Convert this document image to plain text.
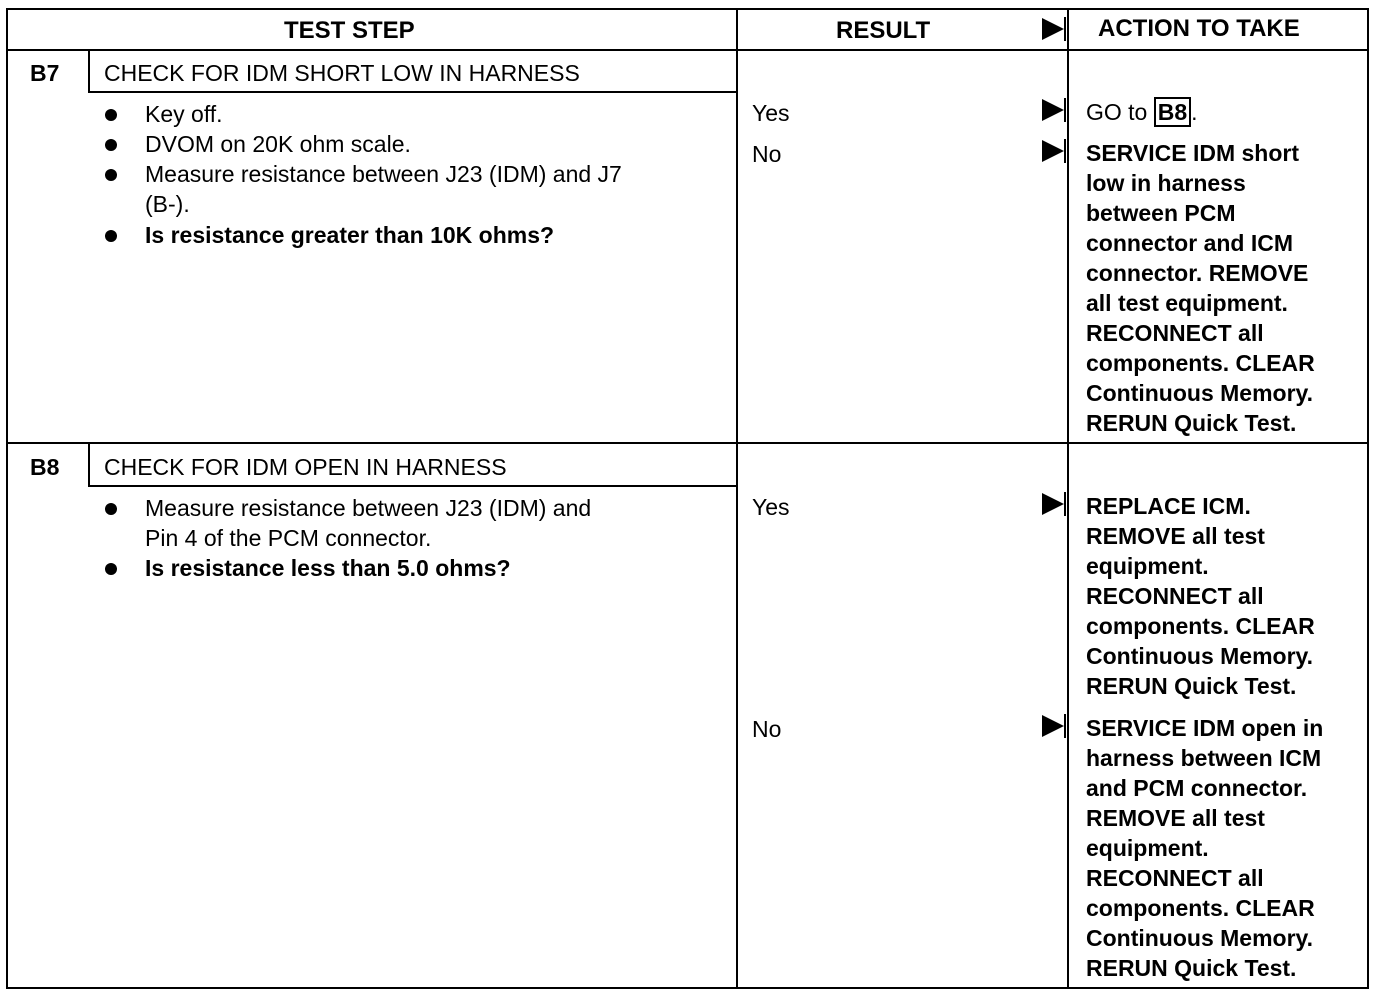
TEST STEP	RESULT	ACTION TO TAKE
B7 CHECK FOR IDM SHORT LOW IN HARNESS
Key off.
DVOM on 20K ohm scale.
Measure resistance between J23 (IDM) and J7
(B-).
Is resistance greater than 10K ohms?
Yes
No
GO to B8 .
SERVICE IDM short
low in harness
between PCM
connector and ICM
connector. REMOVE
all test equipment.
RECONNECT all
components. CLEAR
Continuous Memory.
RERUN Quick Test.
B8 CHECK FOR IDM OPEN IN HARNESS
Measure resistance between J23 (IDM) and
Pin 4 of the PCM connector.
Is resistance less than 5.0 ohms?
Yes
No
REPLACE ICM.
REMOVE all test
equipment.
RECONNECT all
components. CLEAR
Continuous Memory.
RERUN Quick Test.
SERVICE IDM open in
harness between ICM
and PCM connector.
REMOVE all test
equipment.
RECONNECT all
components. CLEAR
Continuous Memory.
RERUN Quick Test.
